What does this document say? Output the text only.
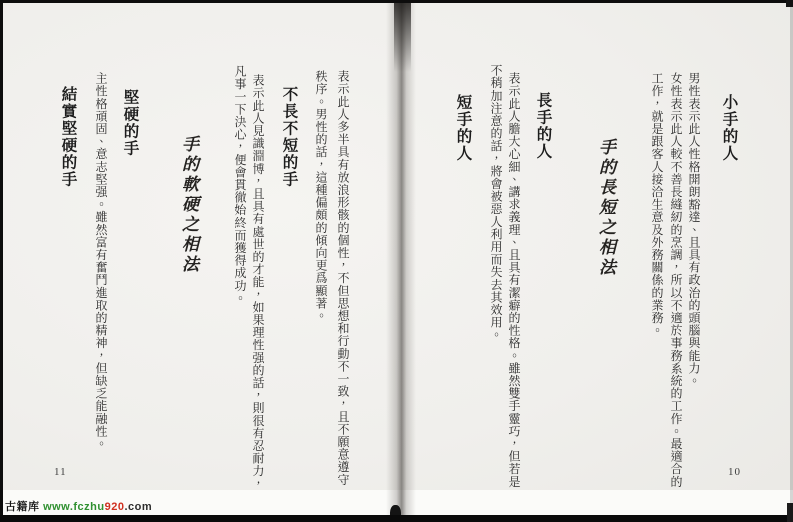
小手的人
男性表示此人性格開朗豁達、且具有政治的頭腦與能力。
女性表示此人較不善長縫紉的烹調，所以不適於事務系統的工作。最適合的
工作，就是跟客人接洽生意及外務關係的業務。
手的長短之相法
長手的人
表示此人膽大心細、講求義理、且具有潔癖的性格。雖然雙手靈巧，但若是
不稍加注意的話，將會被惡人利用而失去其效用。
短手的人
10
表示此人多半具有放浪形骸的個性，不但思想和行動不一致，且不願意遵守
秩序。男性的話，這種偏頗的傾向更爲顯著。
不長不短的手
表示此人見識淵博，且具有處世的才能，如果理性强的話，則很有忍耐力，
凡事一下決心，便會貫徹始終而獲得成功。
手的軟硬之相法
堅硬的手
主性格頑固、意志堅强。雖然富有奮鬥進取的精神，但缺乏能融性。
結實堅硬的手
11
古籍库 www.fczhu920.com
